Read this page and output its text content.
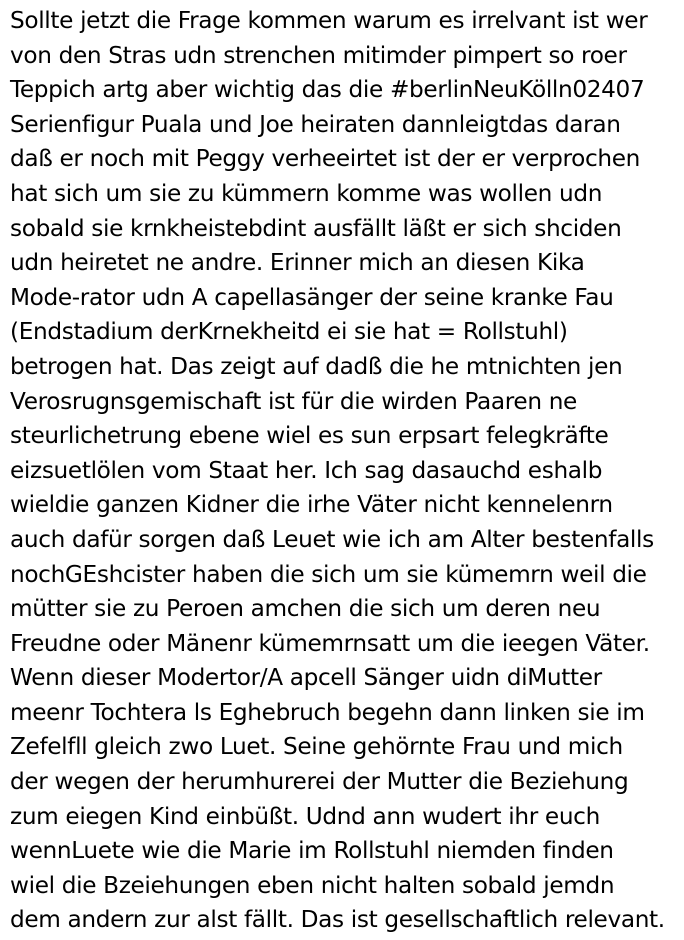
Sollte jetzt die Frage kommen warum es irrelvant ist wer
von den Stras udn strenchen mitimder pimpert so roer
Teppich artg aber wichtig das die #berlinNeuKölln02407
Serienfigur Puala und Joe heiraten dannleigtdas daran
daß er noch mit Peggy verheeirtet ist der er verprochen
hat sich um sie zu kümmern komme was wollen udn
sobald sie krnkheistebdint ausfällt läßt er sich shciden
udn heiretet ne andre. Erinner mich an diesen Kika
Mode-rator udn A capellasänger der seine kranke Fau
(Endstadium derKrnekheitd ei sie hat = Rollstuhl)
betrogen hat. Das zeigt auf dadß die he mtnichten jen
Verosrugnsgemischaft ist für die wirden Paaren ne
steurlichetrung ebene wiel es sun erpsart felegkräfte
eizsuetlölen vom Staat her. Ich sag dasauchd eshalb
wieldie ganzen Kidner die irhe Väter nicht kennelenrn
auch dafür sorgen daß Leuet wie ich am Alter bestenfalls
nochGEshcister haben die sich um sie kümemrn weil die
mütter sie zu Peroen amchen die sich um deren neu
Freudne oder Mänenr kümemrnsatt um die ieegen Väter.
Wenn dieser Modertor/A apcell Sänger uidn diMutter
meenr Tochtera ls Eghebruch begehn dann linken sie im
Zefelfll gleich zwo Luet. Seine gehörnte Frau und mich
der wegen der herumhurerei der Mutter die Beziehung
zum eiegen Kind einbüßt. Udnd ann wudert ihr euch
wennLuete wie die Marie im Rollstuhl niemden finden
wiel die Bzeiehungen eben nicht halten sobald jemdn
dem andern zur alst fällt. Das ist gesellschaftlich relevant.
